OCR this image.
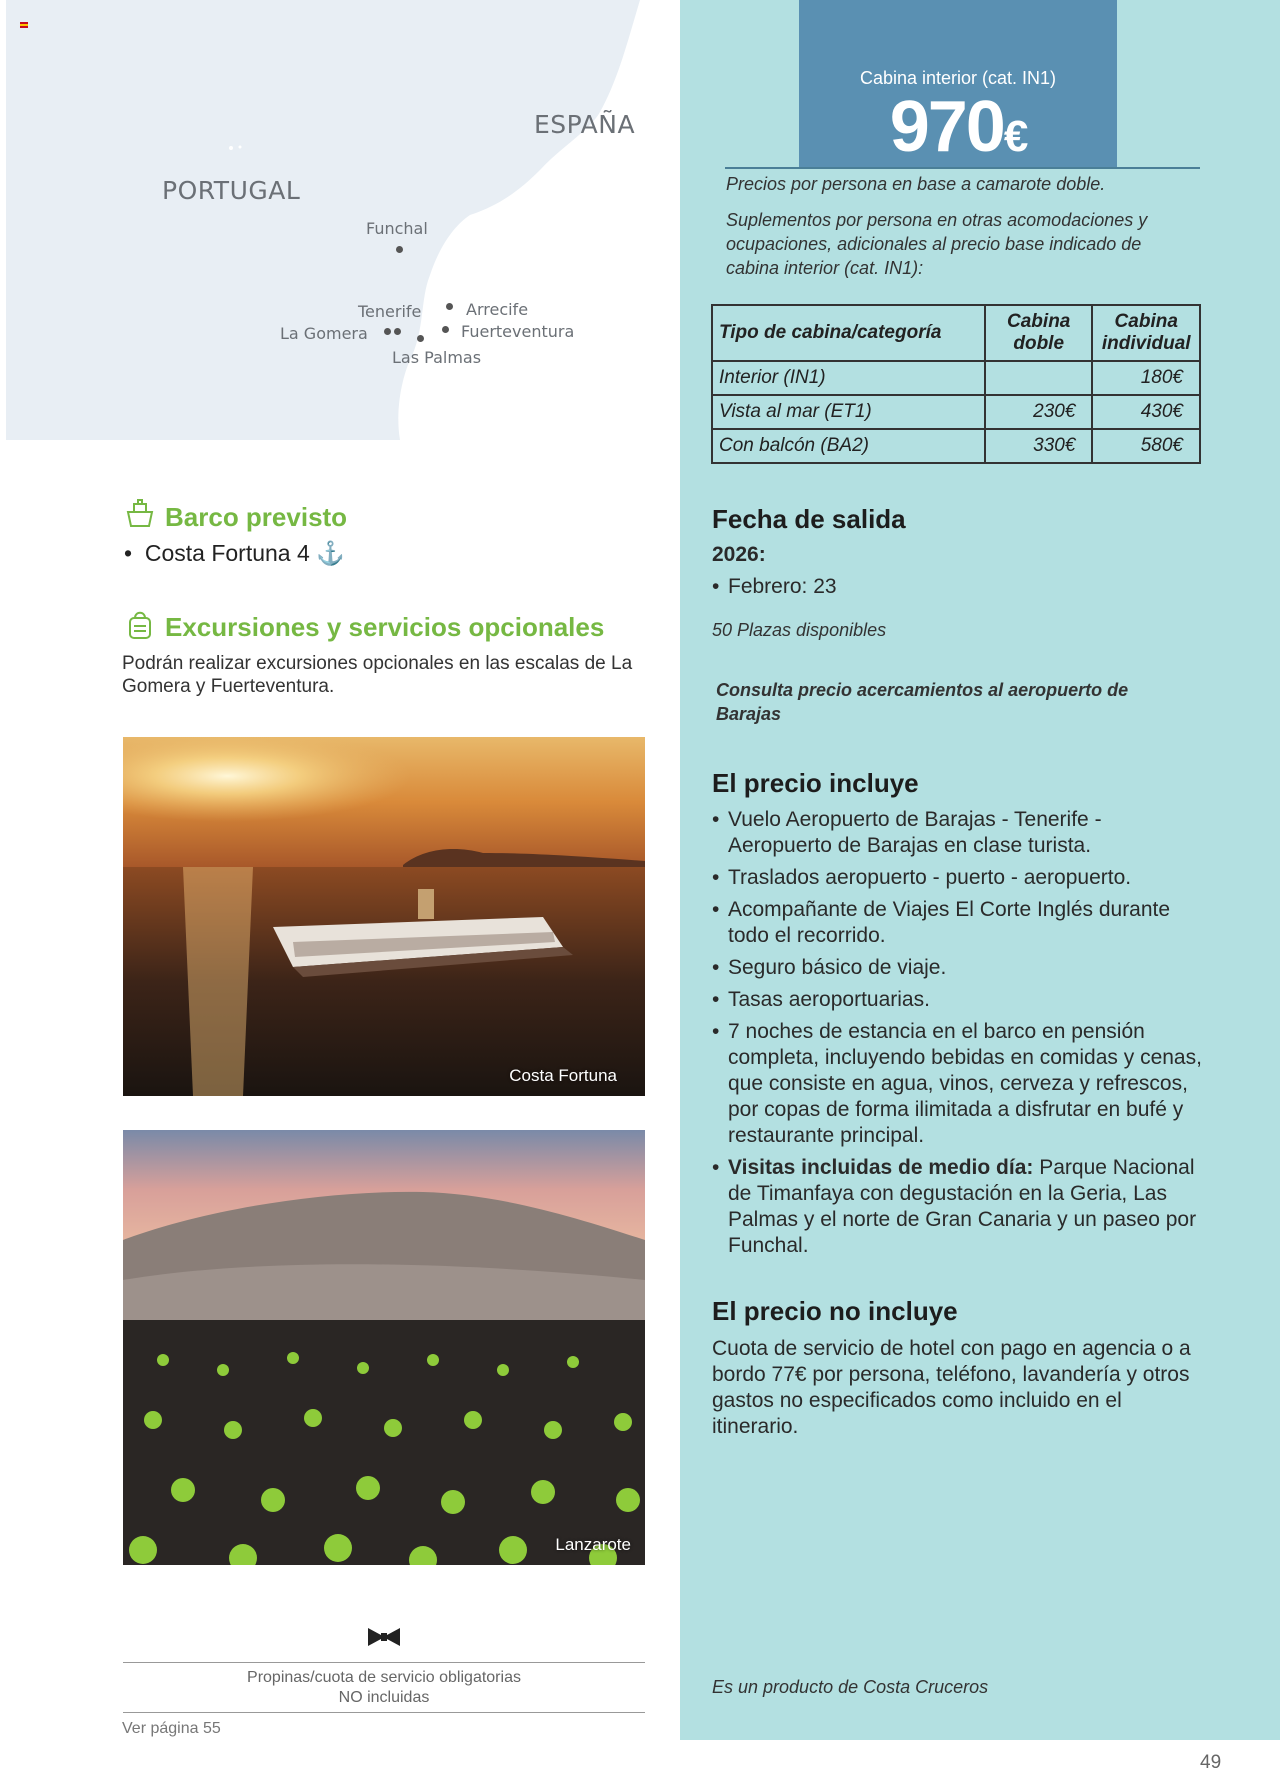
ESPAÑA
PORTUGAL
Funchal
Tenerife	Arrecife
La Gomera	Fuerteventura
Las Palmas
Cabina interior (cat. IN1)
970€
Precios por persona en base a camarote doble.
Suplementos por persona en otras acomodaciones y ocupaciones, adicionales al precio base indicado de cabina interior (cat. IN1):
Tipo de cabina/categoría	Cabina doble	Cabina individual
Interior (IN1)		180€
Vista al mar (ET1)	230€	430€
Con balcón (BA2)	330€	580€
Fecha de salida
2026:
• Febrero: 23
50 Plazas disponibles
Consulta precio acercamientos al aeropuerto de Barajas
El precio incluye
• Vuelo Aeropuerto de Barajas - Tenerife - Aeropuerto de Barajas en clase turista.
• Traslados aeropuerto - puerto - aeropuerto.
• Acompañante de Viajes El Corte Inglés durante todo el recorrido.
• Seguro básico de viaje.
• Tasas aeroportuarias.
• 7 noches de estancia en el barco en pensión completa, incluyendo bebidas en comidas y cenas, que consiste en agua, vinos, cerveza y refrescos, por copas de forma ilimitada a disfrutar en bufé y restaurante principal.
• Visitas incluidas de medio día: Parque Nacional de Timanfaya con degustación en la Geria, Las Palmas y el norte de Gran Canaria y un paseo por Funchal.
El precio no incluye
Cuota de servicio de hotel con pago en agencia o a bordo 77€ por persona, teléfono, lavandería y otros gastos no especificados como incluido en el itinerario.
Es un producto de Costa Cruceros
Barco previsto
• Costa Fortuna 4 ⚓
Excursiones y servicios opcionales
Podrán realizar excursiones opcionales en las escalas de La Gomera y Fuerteventura.
Costa Fortuna
Lanzarote
Propinas/cuota de servicio obligatorias
NO incluidas
Ver página 55
49
